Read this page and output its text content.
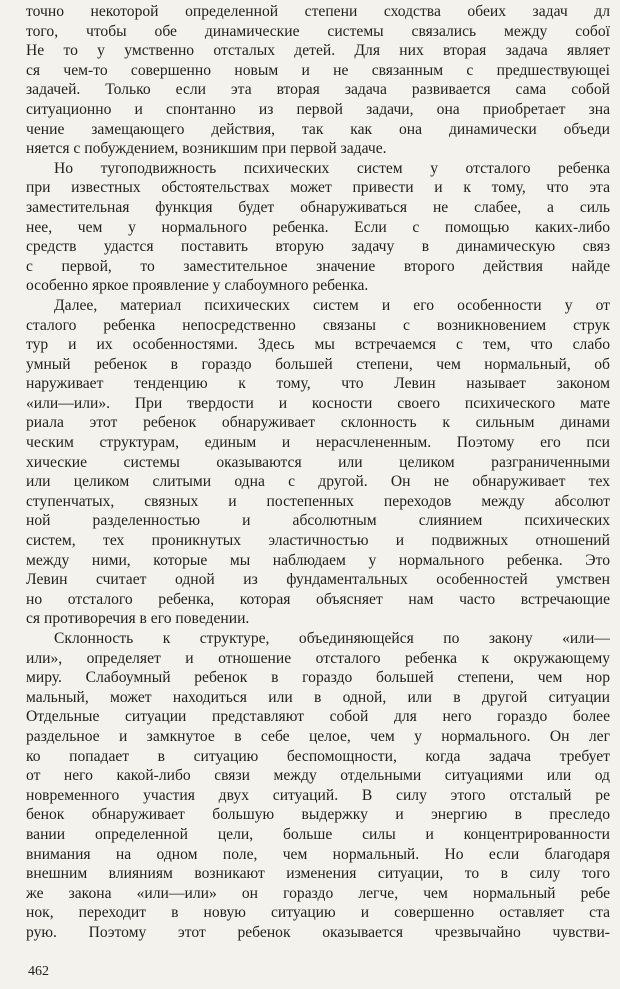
точно некоторой определенной степени сходства обеих задач дл

того, чтобы обе динамические системы связались между собої

Не то у умственно отсталых детей. Для них вторая задача являет

ся чем-то совершенно новым и не связанным с предшествующеі

задачей. Только если эта вторая задача развивается сама собой

ситуационно и спонтанно из первой задачи, она приобретает зна

чение замещающего действия, так как она динамически объеди

няется с побуждением, возникшим при первой задаче.

Но тугоподвижность психических систем у отсталого ребенка

при известных обстоятельствах может привести и к тому, что эта

заместительная функция будет обнаруживаться не слабее, а силь

нее, чем у нормального ребенка. Если с помощью каких-либо

средств удастся поставить вторую задачу в динамическую связ

с первой, то заместительное значение второго действия найде

особенно яркое проявление у слабоумного ребенка.

Далее, материал психических систем и его особенности у от

сталого ребенка непосредственно связаны с возникновением струк

тур и их особенностями. Здесь мы встречаемся с тем, что слабо

умный ребенок в гораздо большей степени, чем нормальный, об

наруживает тенденцию к тому, что Левин называет законом

«или—или». При твердости и косности своего психического мате

риала этот ребенок обнаруживает склонность к сильным динами

ческим структурам, единым и нерасчлененным. Поэтому его пси

хические системы оказываются или целиком разграниченными

или целиком слитыми одна с другой. Он не обнаруживает тех

ступенчатых, связных и постепенных переходов между абсолют

ной разделенностью и абсолютным слиянием психических

систем, тех проникнутых эластичностью и подвижных отношений

между ними, которые мы наблюдаем у нормального ребенка. Это

Левин считает одной из фундаментальных особенностей умствен

но отсталого ребенка, которая объясняет нам часто встречающие

ся противоречия в его поведении.

Склонность к структуре, объединяющейся по закону «или—

или», определяет и отношение отсталого ребенка к окружающему

миру. Слабоумный ребенок в гораздо большей степени, чем нор

мальный, может находиться или в одной, или в другой ситуации

Отдельные ситуации представляют собой для него гораздо более

раздельное и замкнутое в себе целое, чем у нормального. Он лег

ко попадает в ситуацию беспомощности, когда задача требует

от него какой-либо связи между отдельными ситуациями или од

новременного участия двух ситуаций. В силу этого отсталый ре

бенок обнаруживает большую выдержку и энергию в преследо

вании определенной цели, больше силы и концентрированности

внимания на одном поле, чем нормальный. Но если благодаря

внешним влияниям возникают изменения ситуации, то в силу того

же закона «или—или» он гораздо легче, чем нормальный ребе

нок, переходит в новую ситуацию и совершенно оставляет ста

рую. Поэтому этот ребенок оказывается чрезвычайно чувстви-

462
